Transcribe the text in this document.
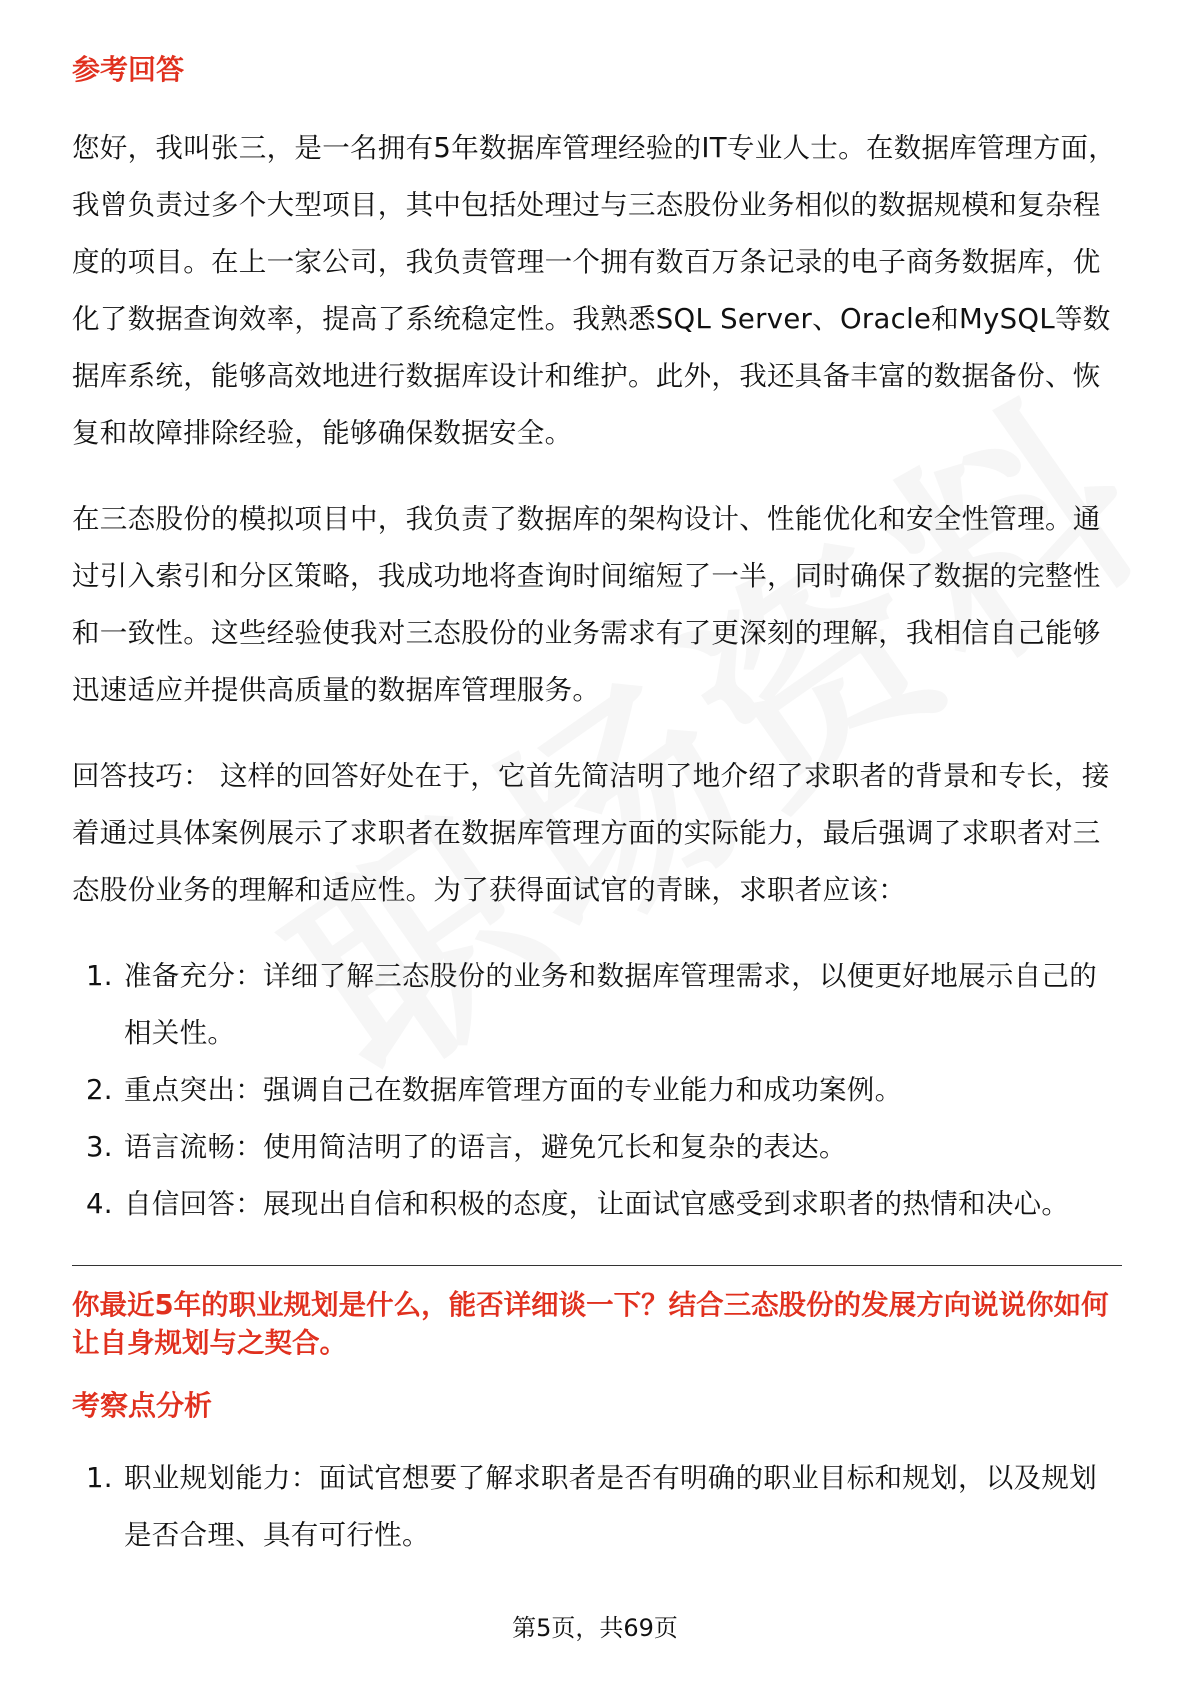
参考回答

您好，我叫张三，是一名拥有5年数据库管理经验的IT专业人士。在数据库管理方面，我曾负责过多个大型项目，其中包括处理过与三态股份业务相似的数据规模和复杂程度的项目。在上一家公司，我负责管理一个拥有数百万条记录的电子商务数据库，优化了数据查询效率，提高了系统稳定性。我熟悉SQL Server、Oracle和MySQL等数据库系统，能够高效地进行数据库设计和维护。此外，我还具备丰富的数据备份、恢复和故障排除经验，能够确保数据安全。

在三态股份的模拟项目中，我负责了数据库的架构设计、性能优化和安全性管理。通过引入索引和分区策略，我成功地将查询时间缩短了一半，同时确保了数据的完整性和一致性。这些经验使我对三态股份的业务需求有了更深刻的理解，我相信自己能够迅速适应并提供高质量的数据库管理服务。

回答技巧： 这样的回答好处在于，它首先简洁明了地介绍了求职者的背景和专长，接着通过具体案例展示了求职者在数据库管理方面的实际能力，最后强调了求职者对三态股份业务的理解和适应性。为了获得面试官的青睐，求职者应该：

1. 准备充分：详细了解三态股份的业务和数据库管理需求，以便更好地展示自己的相关性。
2. 重点突出：强调自己在数据库管理方面的专业能力和成功案例。
3. 语言流畅：使用简洁明了的语言，避免冗长和复杂的表达。
4. 自信回答：展现出自信和积极的态度，让面试官感受到求职者的热情和决心。
你最近5年的职业规划是什么，能否详细谈一下？结合三态股份的发展方向说说你如何让自身规划与之契合。
考察点分析
1. 职业规划能力：面试官想要了解求职者是否有明确的职业目标和规划，以及规划是否合理、具有可行性。
第5页，共69页
